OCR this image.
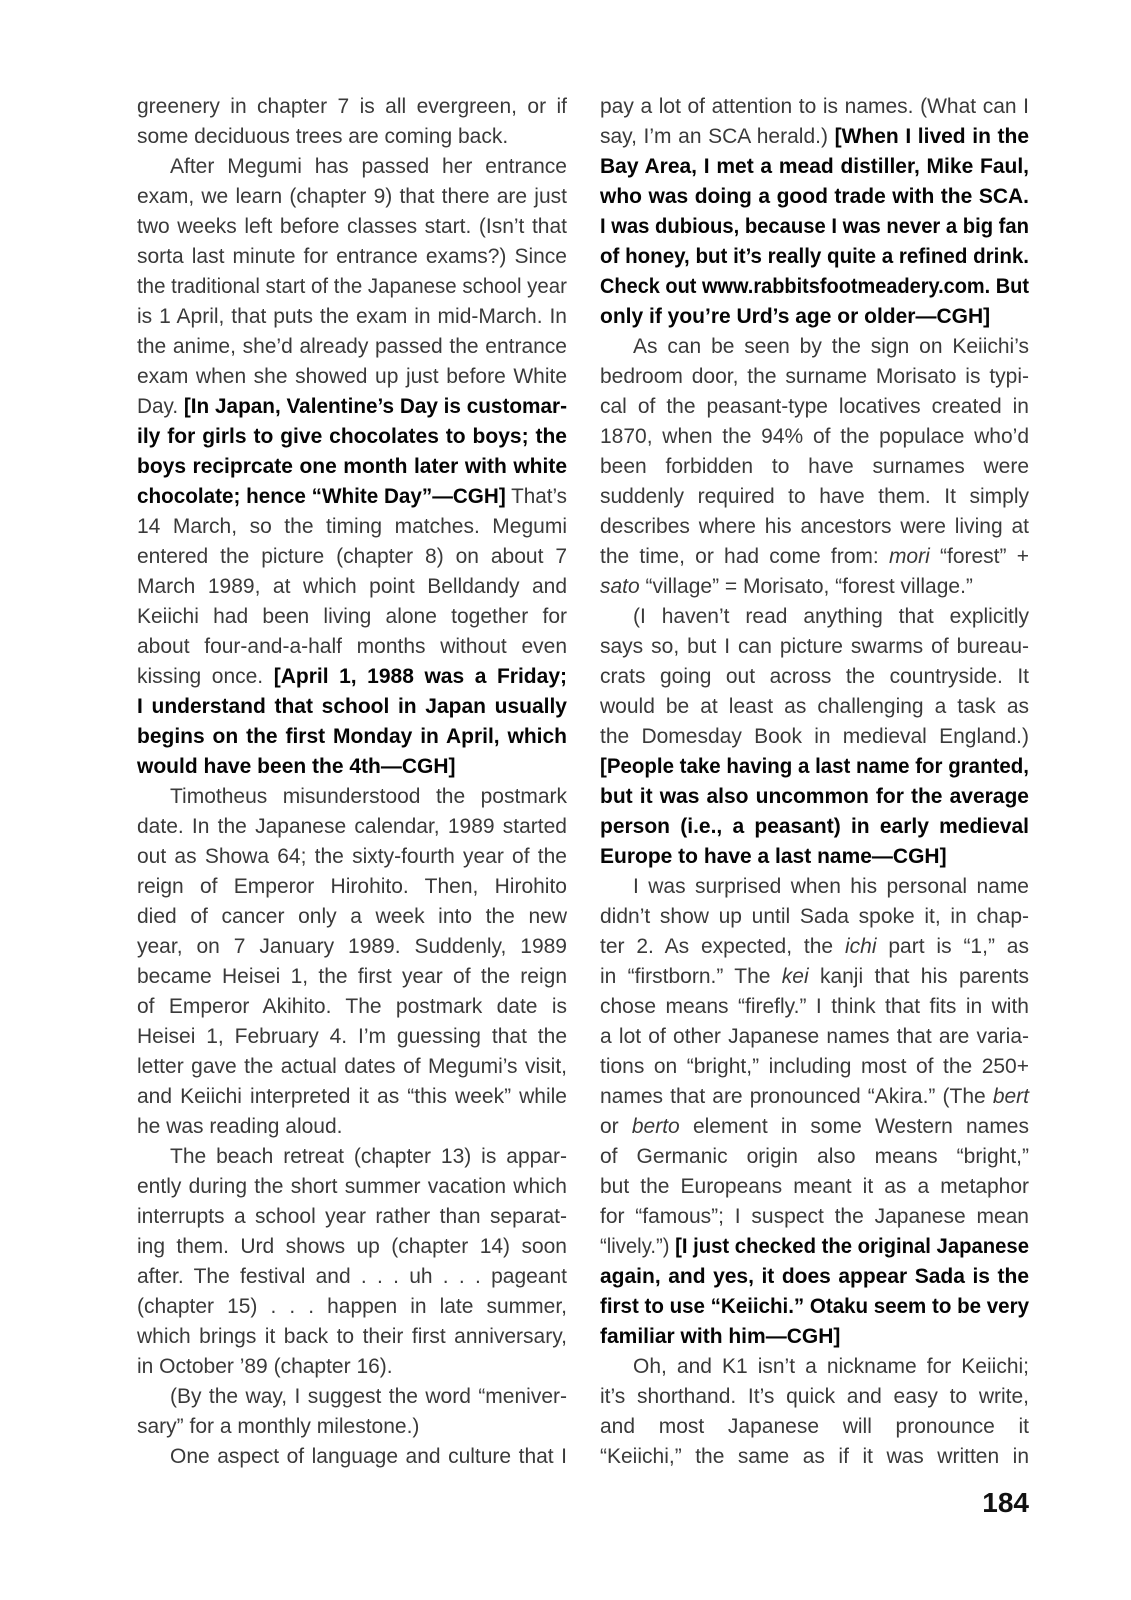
greenery in chapter 7 is all evergreen, or if
some deciduous trees are coming back.
After Megumi has passed her entrance
exam, we learn (chapter 9) that there are just
two weeks left before classes start. (Isn’t that
sorta last minute for entrance exams?) Since
the traditional start of the Japanese school year
is 1 April, that puts the exam in mid-March. In
the anime, she’d already passed the entrance
exam when she showed up just before White
Day. [In Japan, Valentine’s Day is customar-
ily for girls to give chocolates to boys; the
boys reciprcate one month later with white
chocolate; hence “White Day”—CGH] That’s
14 March, so the timing matches. Megumi
entered the picture (chapter 8) on about 7
March 1989, at which point Belldandy and
Keiichi had been living alone together for
about four-and-a-half months without even
kissing once. [April 1, 1988 was a Friday;
I understand that school in Japan usually
begins on the first Monday in April, which
would have been the 4th—CGH]
Timotheus misunderstood the postmark
date. In the Japanese calendar, 1989 started
out as Showa 64; the sixty-fourth year of the
reign of Emperor Hirohito. Then, Hirohito
died of cancer only a week into the new
year, on 7 January 1989. Suddenly, 1989
became Heisei 1, the first year of the reign
of Emperor Akihito. The postmark date is
Heisei 1, February 4. I’m guessing that the
letter gave the actual dates of Megumi’s visit,
and Keiichi interpreted it as “this week” while
he was reading aloud.
The beach retreat (chapter 13) is appar-
ently during the short summer vacation which
interrupts a school year rather than separat-
ing them. Urd shows up (chapter 14) soon
after. The festival and . . . uh . . . pageant
(chapter 15) . . . happen in late summer,
which brings it back to their first anniversary,
in October ’89 (chapter 16).
(By the way, I suggest the word “meniver-
sary” for a monthly milestone.)
One aspect of language and culture that I
pay a lot of attention to is names. (What can I
say, I’m an SCA herald.) [When I lived in the
Bay Area, I met a mead distiller, Mike Faul,
who was doing a good trade with the SCA.
I was dubious, because I was never a big fan
of honey, but it’s really quite a refined drink.
Check out www.rabbitsfootmeadery.com. But
only if you’re Urd’s age or older—CGH]
As can be seen by the sign on Keiichi’s
bedroom door, the surname Morisato is typi-
cal of the peasant-type locatives created in
1870, when the 94% of the populace who’d
been forbidden to have surnames were
suddenly required to have them. It simply
describes where his ancestors were living at
the time, or had come from: mori “forest” +
sato “village” = Morisato, “forest village.”
(I haven’t read anything that explicitly
says so, but I can picture swarms of bureau-
crats going out across the countryside. It
would be at least as challenging a task as
the Domesday Book in medieval England.)
[People take having a last name for granted,
but it was also uncommon for the average
person (i.e., a peasant) in early medieval
Europe to have a last name—CGH]
I was surprised when his personal name
didn’t show up until Sada spoke it, in chap-
ter 2. As expected, the ichi part is “1,” as
in “firstborn.” The kei kanji that his parents
chose means “firefly.” I think that fits in with
a lot of other Japanese names that are varia-
tions on “bright,” including most of the 250+
names that are pronounced “Akira.” (The bert
or berto element in some Western names
of Germanic origin also means “bright,”
but the Europeans meant it as a metaphor
for “famous”; I suspect the Japanese mean
“lively.”) [I just checked the original Japanese
again, and yes, it does appear Sada is the
first to use “Keiichi.” Otaku seem to be very
familiar with him—CGH]
Oh, and K1 isn’t a nickname for Keiichi;
it’s shorthand. It’s quick and easy to write,
and most Japanese will pronounce it
“Keiichi,” the same as if it was written in
184
